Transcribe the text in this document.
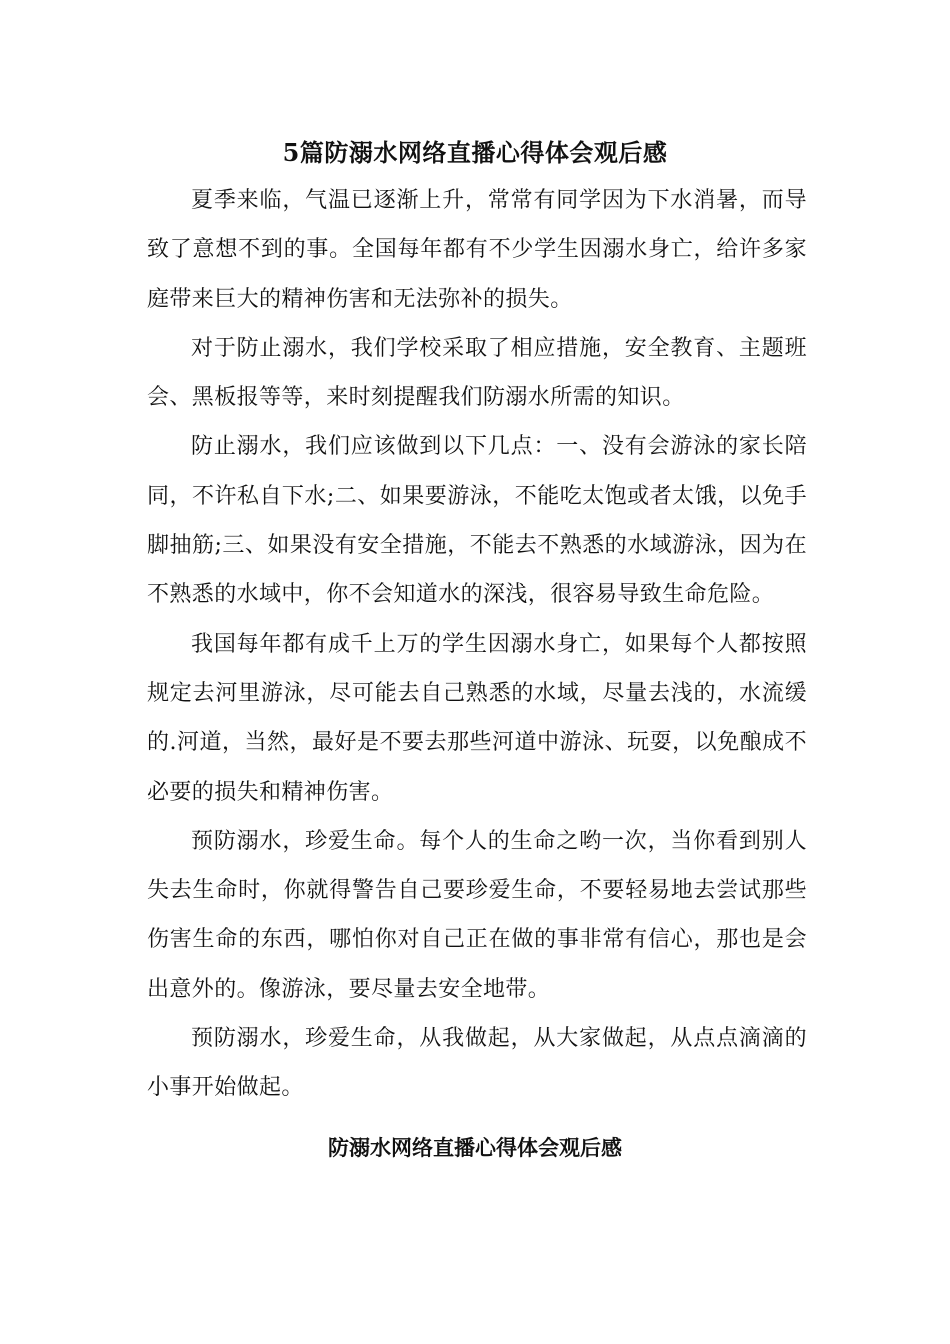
5篇防溺水网络直播心得体会观后感

夏季来临，气温已逐渐上升，常常有同学因为下水消暑，而导致了意想不到的事。全国每年都有不少学生因溺水身亡，给许多家庭带来巨大的精神伤害和无法弥补的损失。

对于防止溺水，我们学校采取了相应措施，安全教育、主题班会、黑板报等等，来时刻提醒我们防溺水所需的知识。

防止溺水，我们应该做到以下几点：一、没有会游泳的家长陪同，不许私自下水;二、如果要游泳，不能吃太饱或者太饿，以免手脚抽筋;三、如果没有安全措施，不能去不熟悉的水域游泳，因为在不熟悉的水域中，你不会知道水的深浅，很容易导致生命危险。

我国每年都有成千上万的学生因溺水身亡，如果每个人都按照规定去河里游泳，尽可能去自己熟悉的水域，尽量去浅的，水流缓的.河道，当然，最好是不要去那些河道中游泳、玩耍，以免酿成不必要的损失和精神伤害。

预防溺水，珍爱生命。每个人的生命之哟一次，当你看到别人失去生命时，你就得警告自己要珍爱生命，不要轻易地去尝试那些伤害生命的东西，哪怕你对自己正在做的事非常有信心，那也是会出意外的。像游泳，要尽量去安全地带。

预防溺水，珍爱生命，从我做起，从大家做起，从点点滴滴的小事开始做起。

防溺水网络直播心得体会观后感
